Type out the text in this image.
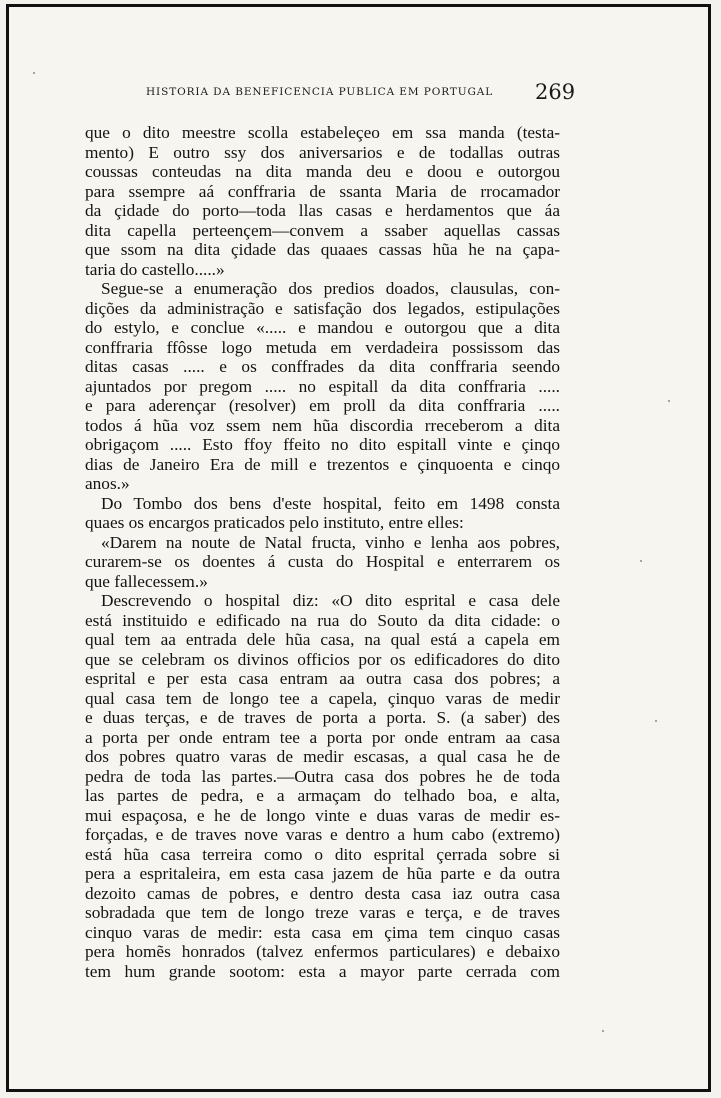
HISTORIA DA BENEFICENCIA PUBLICA EM PORTUGAL 269
que o dito meestre scolla estabeleçeo em ssa manda (testa-
mento) E outro ssy dos aniversarios e de todallas outras
coussas conteudas na dita manda deu e doou e outorgou
para ssempre aá conffraria de ssanta Maria de rrocamador
da çidade do porto—toda llas casas e herdamentos que áa
dita capella perteençem—convem a ssaber aquellas cassas
que ssom na dita çidade das quaaes cassas hũa he na çapa-
taria do castello.....»
Segue-se a enumeração dos predios doados, clausulas, con-
dições da administração e satisfação dos legados, estipulações
do estylo, e conclue «..... e mandou e outorgou que a dita
conffraria ffôsse logo metuda em verdadeira possissom das
ditas casas ..... e os conffrades da dita conffraria seendo
ajuntados por pregom ..... no espitall da dita conffraria .....
e para aderençar (resolver) em proll da dita conffraria .....
todos á hũa voz ssem nem hũa discordia rreceberom a dita
obrigaçom ..... Esto ffoy ffeito no dito espitall vinte e çinqo
dias de Janeiro Era de mill e trezentos e çinquoenta e cinqo
anos.»
Do Tombo dos bens d'este hospital, feito em 1498 consta
quaes os encargos praticados pelo instituto, entre elles:
«Darem na noute de Natal fructa, vinho e lenha aos pobres,
curarem-se os doentes á custa do Hospital e enterrarem os
que fallecessem.»
Descrevendo o hospital diz: «O dito esprital e casa dele
está instituido e edificado na rua do Souto da dita cidade: o
qual tem aa entrada dele hũa casa, na qual está a capela em
que se celebram os divinos officios por os edificadores do dito
esprital e per esta casa entram aa outra casa dos pobres; a
qual casa tem de longo tee a capela, çinquo varas de medir
e duas terças, e de traves de porta a porta. S. (a saber) des
a porta per onde entram tee a porta por onde entram aa casa
dos pobres quatro varas de medir escasas, a qual casa he de
pedra de toda las partes.—Outra casa dos pobres he de toda
las partes de pedra, e a armaçam do telhado boa, e alta,
mui espaçosa, e he de longo vinte e duas varas de medir es-
forçadas, e de traves nove varas e dentro a hum cabo (extremo)
está hũa casa terreira como o dito esprital çerrada sobre si
pera a espritaleira, em esta casa jazem de hũa parte e da outra
dezoito camas de pobres, e dentro desta casa iaz outra casa
sobradada que tem de longo treze varas e terça, e de traves
cinquo varas de medir: esta casa em çima tem cinquo casas
pera homẽs honrados (talvez enfermos particulares) e debaixo
tem hum grande sootom: esta a mayor parte cerrada com
